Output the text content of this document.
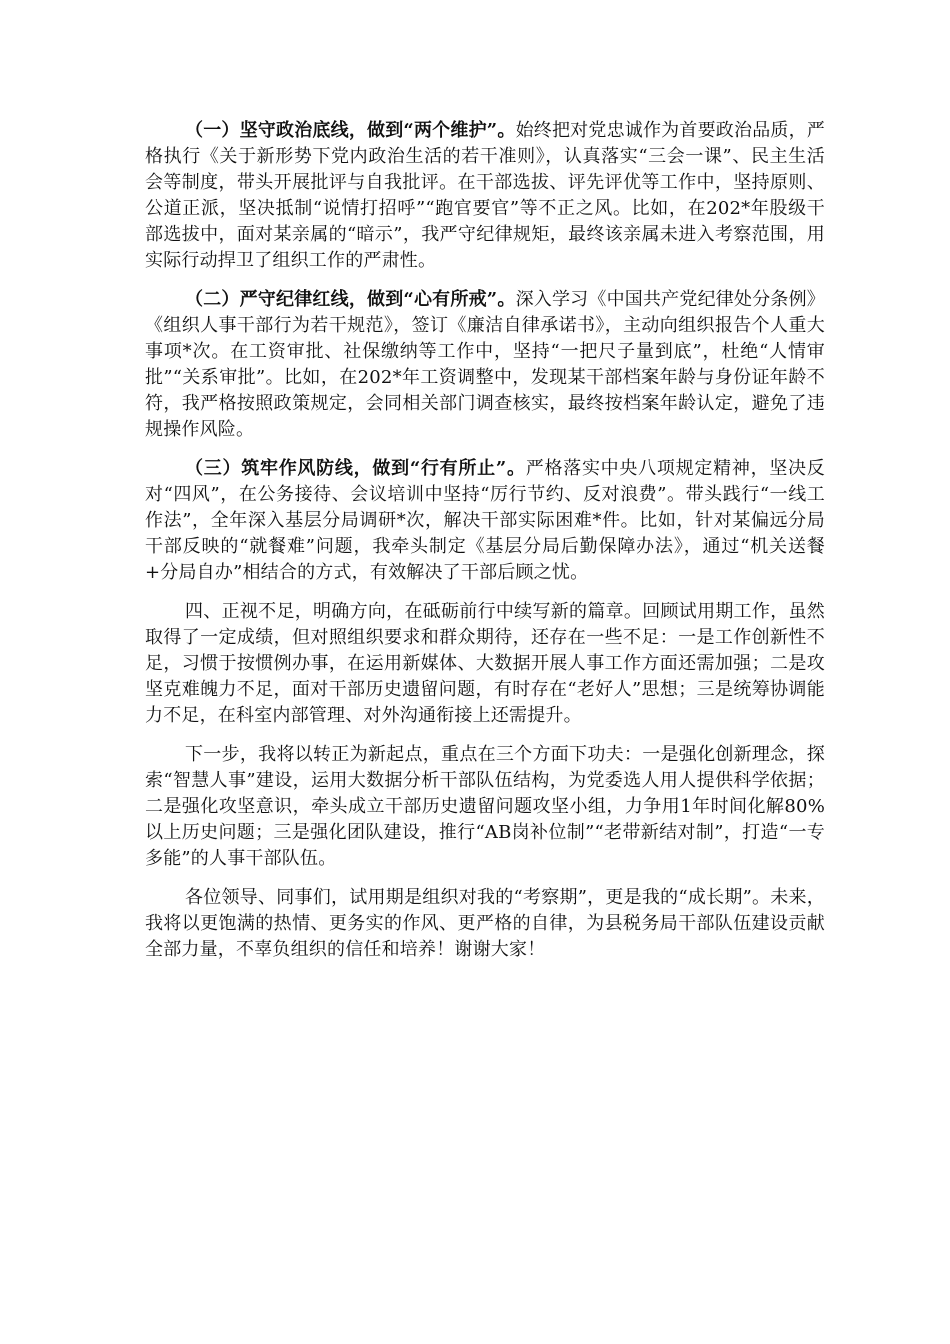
（一）坚守政治底线，做到“两个维护”。始终把对党忠诚作为首要政治品质，严格执行《关于新形势下党内政治生活的若干准则》，认真落实“三会一课”、民主生活会等制度，带头开展批评与自我批评。在干部选拔、评先评优等工作中，坚持原则、公道正派，坚决抵制“说情打招呼”“跑官要官”等不正之风。比如，在202*年股级干部选拔中，面对某亲属的“暗示”，我严守纪律规矩，最终该亲属未进入考察范围，用实际行动捍卫了组织工作的严肃性。

（二）严守纪律红线，做到“心有所戒”。深入学习《中国共产党纪律处分条例》《组织人事干部行为若干规范》，签订《廉洁自律承诺书》，主动向组织报告个人重大事项*次。在工资审批、社保缴纳等工作中，坚持“一把尺子量到底”，杜绝“人情审批”“关系审批”。比如，在202*年工资调整中，发现某干部档案年龄与身份证年龄不符，我严格按照政策规定，会同相关部门调查核实，最终按档案年龄认定，避免了违规操作风险。

（三）筑牢作风防线，做到“行有所止”。严格落实中央八项规定精神，坚决反对“四风”，在公务接待、会议培训中坚持“厉行节约、反对浪费”。带头践行“一线工作法”，全年深入基层分局调研*次，解决干部实际困难*件。比如，针对某偏远分局干部反映的“就餐难”问题，我牵头制定《基层分局后勤保障办法》，通过“机关送餐+分局自办”相结合的方式，有效解决了干部后顾之忧。

四、正视不足，明确方向，在砥砺前行中续写新的篇章。回顾试用期工作，虽然取得了一定成绩，但对照组织要求和群众期待，还存在一些不足：一是工作创新性不足，习惯于按惯例办事，在运用新媒体、大数据开展人事工作方面还需加强；二是攻坚克难魄力不足，面对干部历史遗留问题，有时存在“老好人”思想；三是统筹协调能力不足，在科室内部管理、对外沟通衔接上还需提升。

下一步，我将以转正为新起点，重点在三个方面下功夫：一是强化创新理念，探索“智慧人事”建设，运用大数据分析干部队伍结构，为党委选人用人提供科学依据；二是强化攻坚意识，牵头成立干部历史遗留问题攻坚小组，力争用1年时间化解80%以上历史问题；三是强化团队建设，推行“AB岗补位制”“老带新结对制”，打造“一专多能”的人事干部队伍。

各位领导、同事们，试用期是组织对我的“考察期”，更是我的“成长期”。未来，我将以更饱满的热情、更务实的作风、更严格的自律，为县税务局干部队伍建设贡献全部力量，不辜负组织的信任和培养！谢谢大家！
